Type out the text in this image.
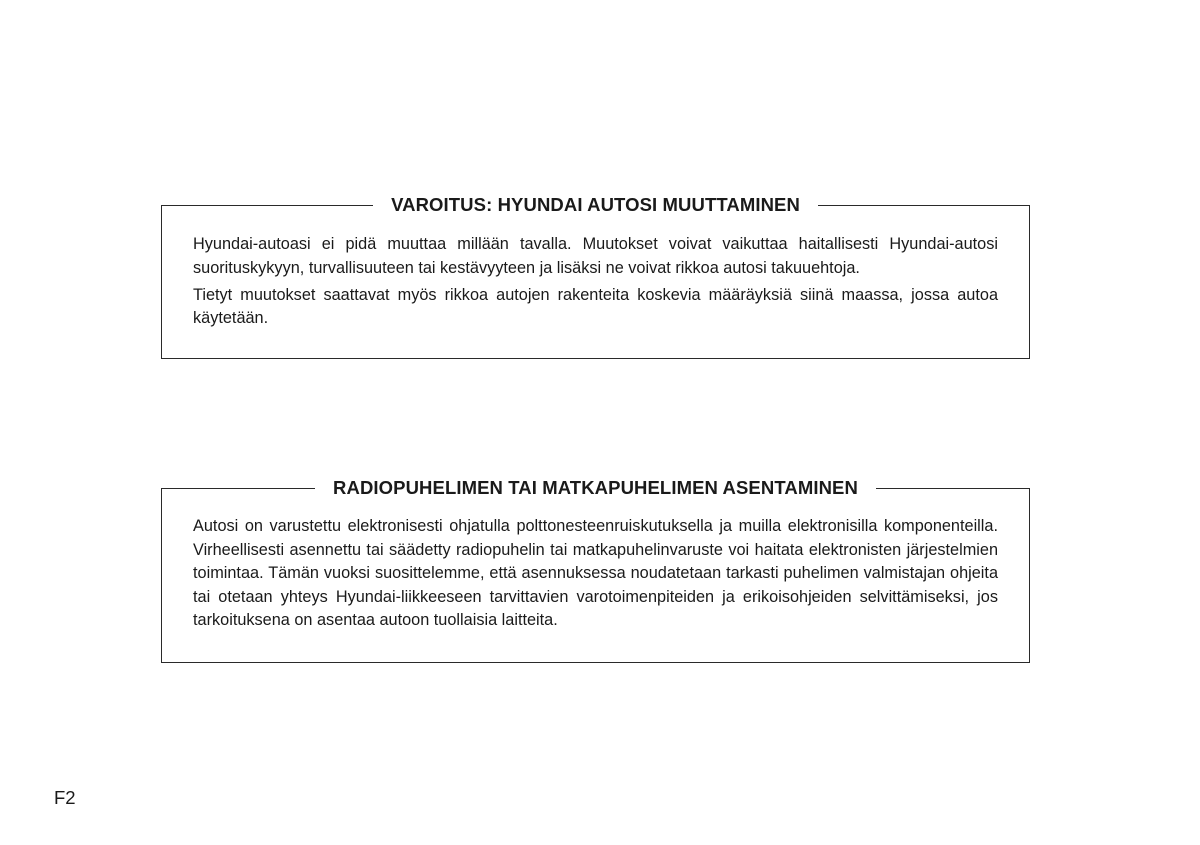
VAROITUS: HYUNDAI AUTOSI MUUTTAMINEN

Hyundai-autoasi ei pidä muuttaa millään tavalla. Muutokset voivat vaikuttaa haitallisesti Hyundai-autosi suorituskykyyn, turvallisuuteen tai kestävyyteen ja lisäksi ne voivat rikkoa autosi takuuehtoja.

Tietyt muutokset saattavat myös rikkoa autojen rakenteita koskevia määräyksiä siinä maassa, jossa autoa käytetään.

RADIOPUHELIMEN TAI MATKAPUHELIMEN ASENTAMINEN

Autosi on varustettu elektronisesti ohjatulla polttonesteenruiskutuksella ja muilla elektronisilla komponenteilla. Virheellisesti asennettu tai säädetty radiopuhelin tai matkapuhelinvaruste voi haitata elektronisten järjestelmien toimintaa. Tämän vuoksi suosittelemme, että asennuksessa noudatetaan tarkasti puhelimen valmistajan ohjeita tai otetaan yhteys Hyundai-liikkeeseen tarvittavien varotoimenpiteiden ja erikoisohjeiden selvittämiseksi, jos tarkoituksena on asentaa autoon tuollaisia laitteita.

F2
